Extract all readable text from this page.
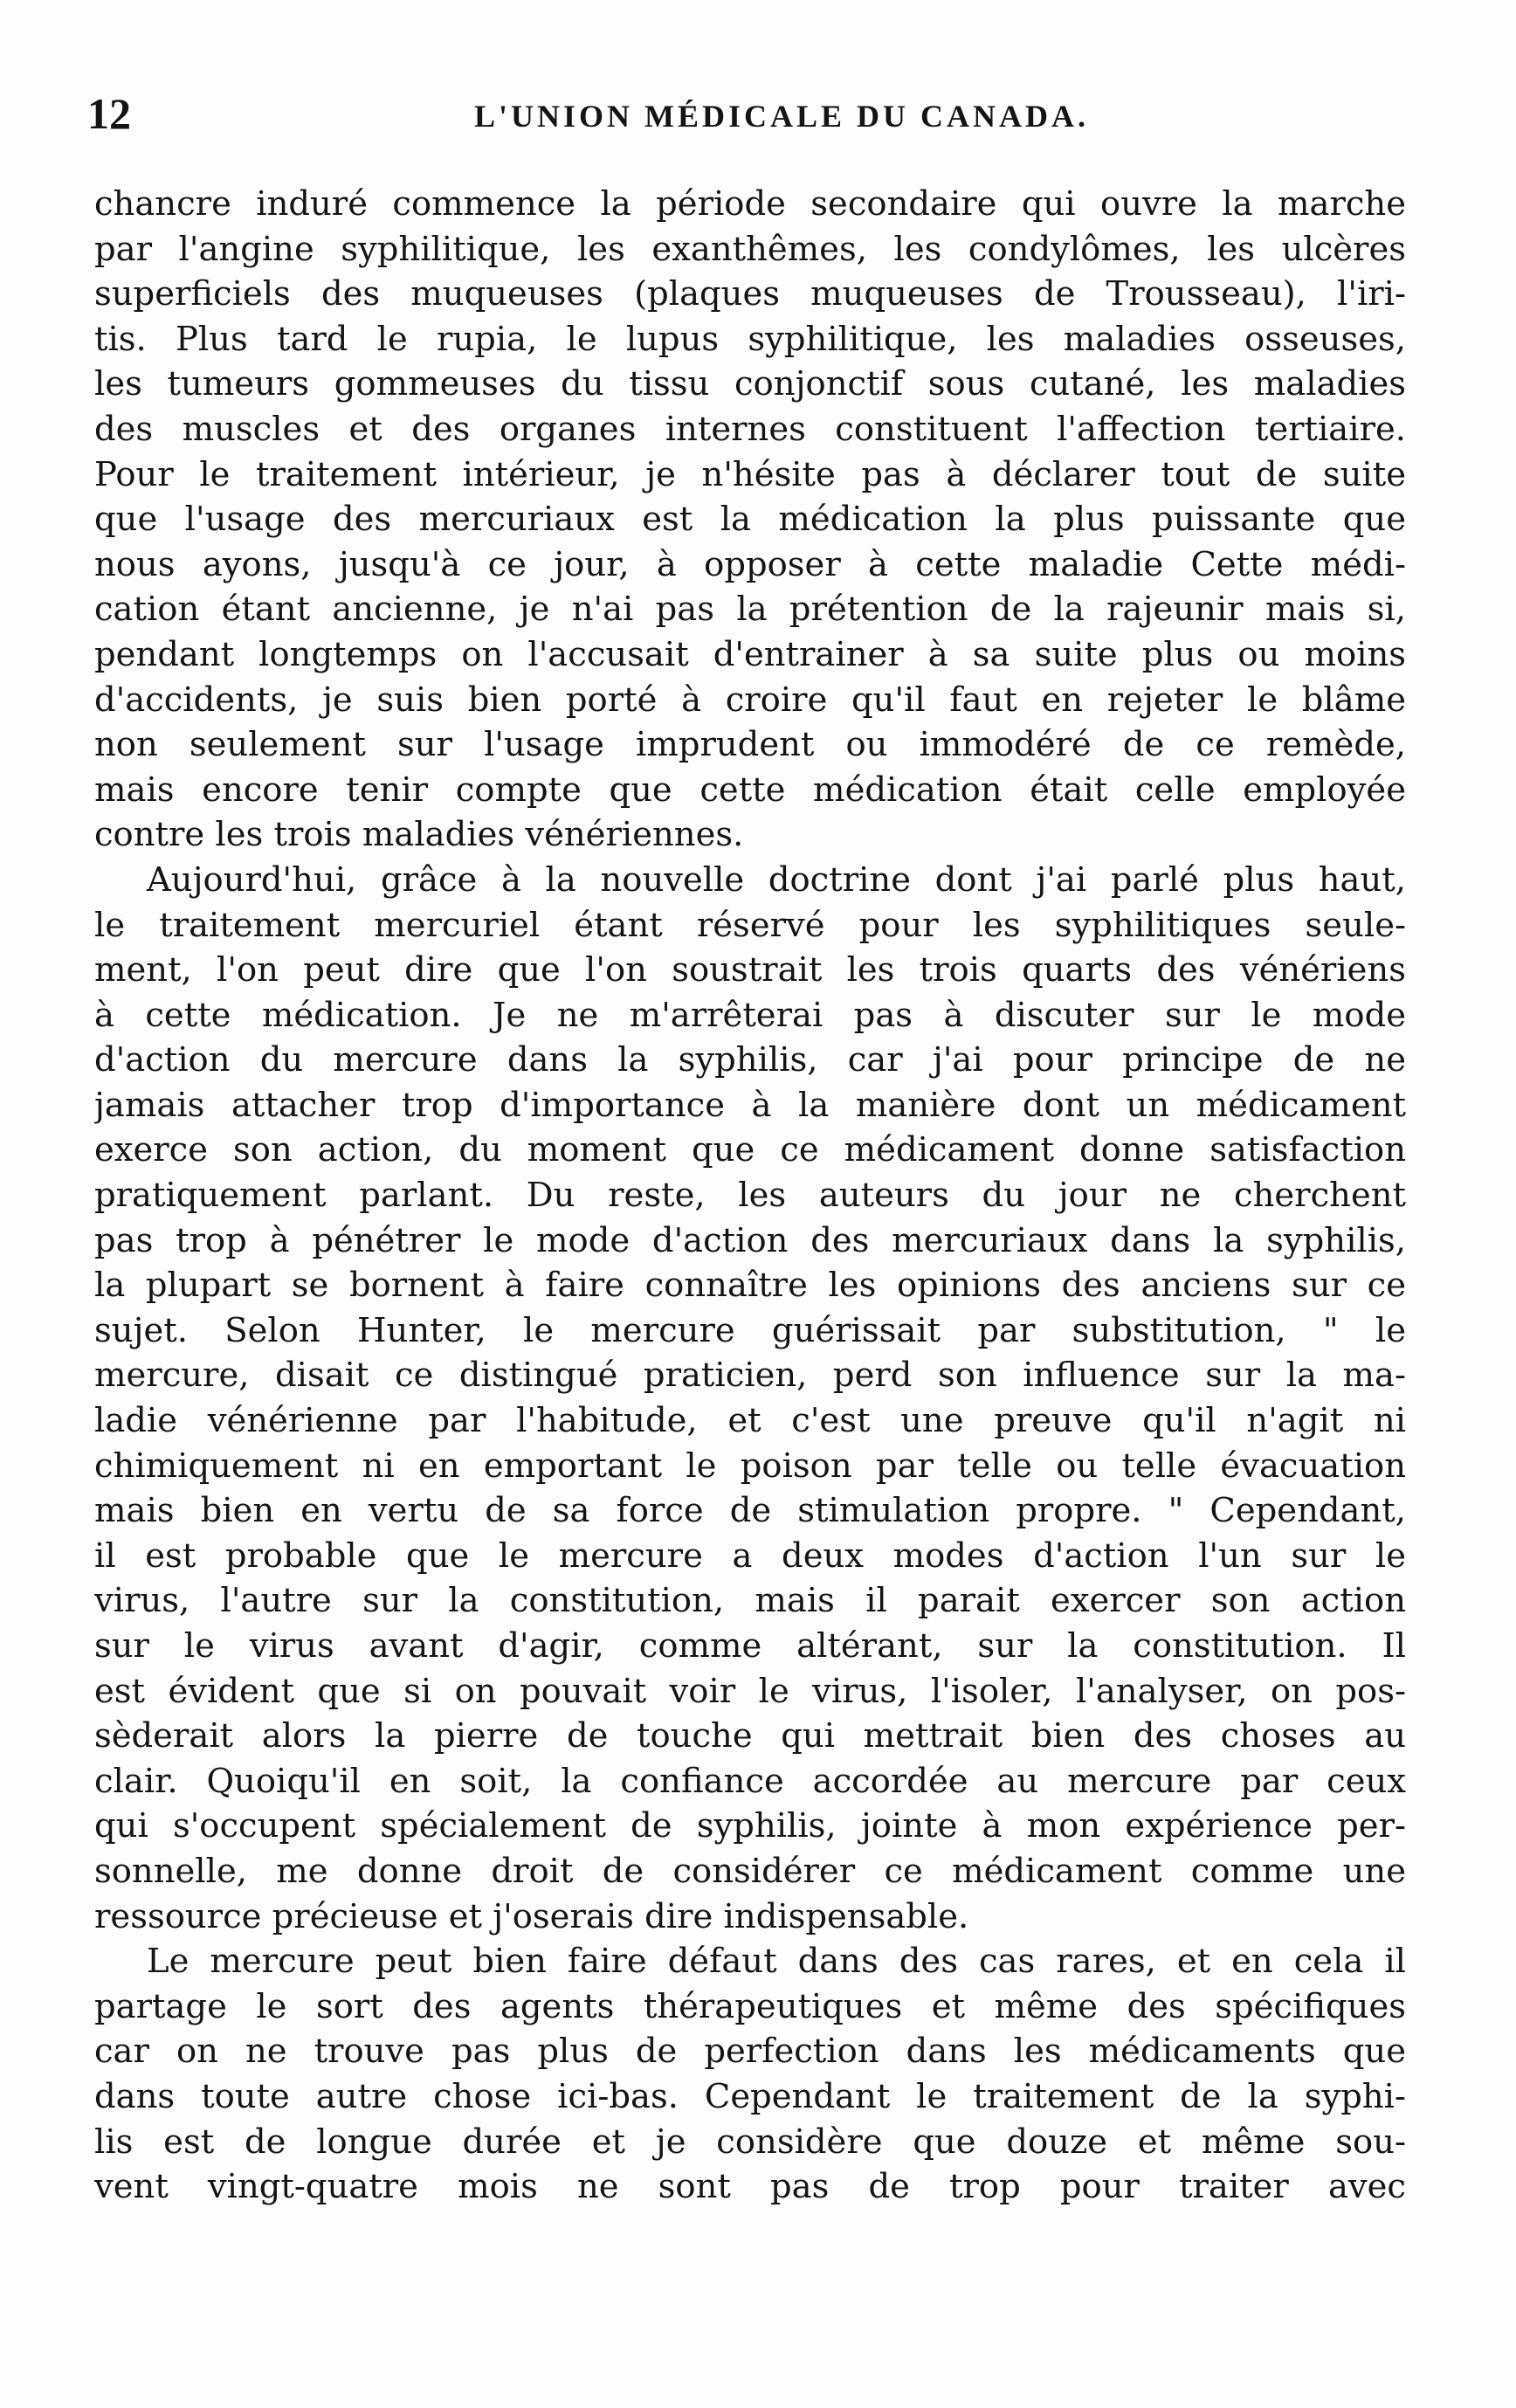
12	L'UNION MÉDICALE DU CANADA.
chancre induré commence la période secondaire qui ouvre la marche
par l'angine syphilitique, les exanthêmes, les condylômes, les ulcères
superficiels des muqueuses (plaques muqueuses de Trousseau), l'iri-
tis. Plus tard le rupia, le lupus syphilitique, les maladies osseuses,
les tumeurs gommeuses du tissu conjonctif sous cutané, les maladies
des muscles et des organes internes constituent l'affection tertiaire.
Pour le traitement intérieur, je n'hésite pas à déclarer tout de suite
que l'usage des mercuriaux est la médication la plus puissante que
nous ayons, jusqu'à ce jour, à opposer à cette maladie Cette médi-
cation étant ancienne, je n'ai pas la prétention de la rajeunir mais si,
pendant longtemps on l'accusait d'entrainer à sa suite plus ou moins
d'accidents, je suis bien porté à croire qu'il faut en rejeter le blâme
non seulement sur l'usage imprudent ou immodéré de ce remède,
mais encore tenir compte que cette médication était celle employée
contre les trois maladies vénériennes.
Aujourd'hui, grâce à la nouvelle doctrine dont j'ai parlé plus haut,
le traitement mercuriel étant réservé pour les syphilitiques seule-
ment, l'on peut dire que l'on soustrait les trois quarts des vénériens
à cette médication. Je ne m'arrêterai pas à discuter sur le mode
d'action du mercure dans la syphilis, car j'ai pour principe de ne
jamais attacher trop d'importance à la manière dont un médicament
exerce son action, du moment que ce médicament donne satisfaction
pratiquement parlant. Du reste, les auteurs du jour ne cherchent
pas trop à pénétrer le mode d'action des mercuriaux dans la syphilis,
la plupart se bornent à faire connaître les opinions des anciens sur ce
sujet. Selon Hunter, le mercure guérissait par substitution, " le
mercure, disait ce distingué praticien, perd son influence sur la ma-
ladie vénérienne par l'habitude, et c'est une preuve qu'il n'agit ni
chimiquement ni en emportant le poison par telle ou telle évacuation
mais bien en vertu de sa force de stimulation propre. " Cependant,
il est probable que le mercure a deux modes d'action l'un sur le
virus, l'autre sur la constitution, mais il parait exercer son action
sur le virus avant d'agir, comme altérant, sur la constitution. Il
est évident que si on pouvait voir le virus, l'isoler, l'analyser, on pos-
sèderait alors la pierre de touche qui mettrait bien des choses au
clair. Quoiqu'il en soit, la confiance accordée au mercure par ceux
qui s'occupent spécialement de syphilis, jointe à mon expérience per-
sonnelle, me donne droit de considérer ce médicament comme une
ressource précieuse et j'oserais dire indispensable.
Le mercure peut bien faire défaut dans des cas rares, et en cela il
partage le sort des agents thérapeutiques et même des spécifiques
car on ne trouve pas plus de perfection dans les médicaments que
dans toute autre chose ici-bas. Cependant le traitement de la syphi-
lis est de longue durée et je considère que douze et même sou-
vent vingt-quatre mois ne sont pas de trop pour traiter avec
